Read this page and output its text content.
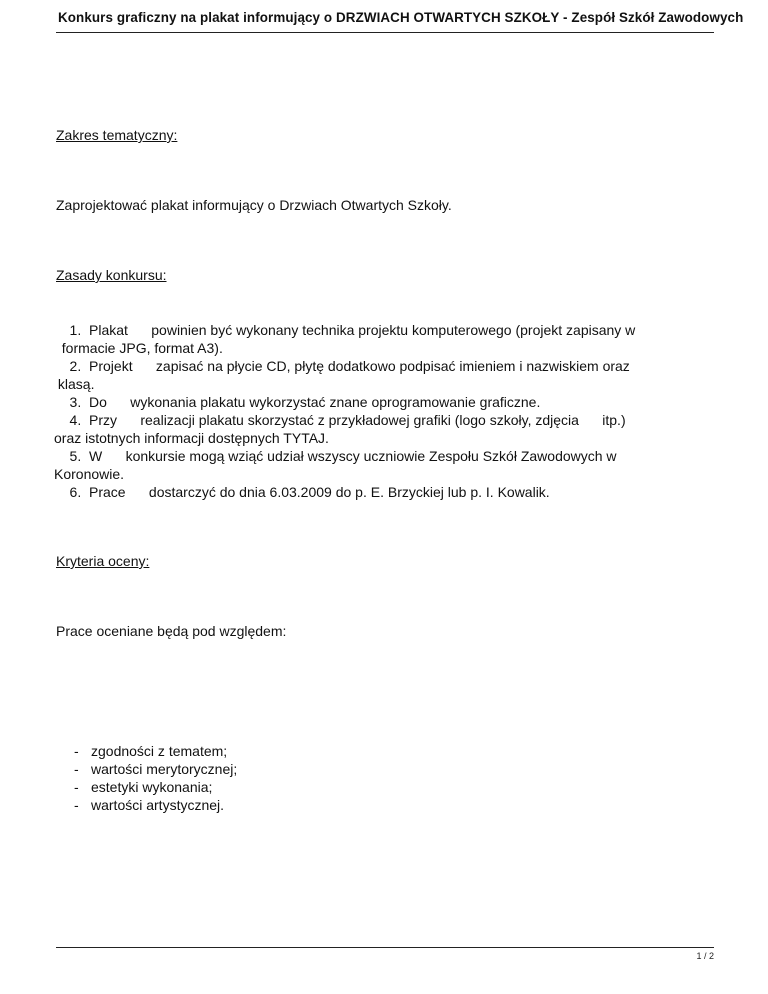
Konkurs graficzny na plakat informujący o DRZWIACH OTWARTYCH SZKOŁY - Zespół Szkół Zawodowych
Zakres tematyczny:
Zaprojektować plakat informujący o Drzwiach Otwartych Szkoły.
Zasady konkursu:
1.  Plakat      powinien być wykonany technika projektu komputerowego (projekt zapisany w
formacie JPG, format A3).
2.  Projekt      zapisać na płycie CD, płytę dodatkowo podpisać imieniem i nazwiskiem oraz
klasą.
3.  Do      wykonania plakatu wykorzystać znane oprogramowanie graficzne.
4.  Przy      realizacji plakatu skorzystać z przykładowej grafiki (logo szkoły, zdjęcia      itp.)
oraz istotnych informacji dostępnych TYTAJ.
5.  W      konkursie mogą wziąć udział wszyscy uczniowie Zespołu Szkół Zawodowych w
Koronowie.
6.  Prace      dostarczyć do dnia 6.03.2009 do p. E. Brzyckiej lub p. I. Kowalik.
Kryteria oceny:
Prace oceniane będą pod względem:
- zgodności z tematem;
- wartości merytorycznej;
- estetyki wykonania;
- wartości artystycznej.
1 / 2
